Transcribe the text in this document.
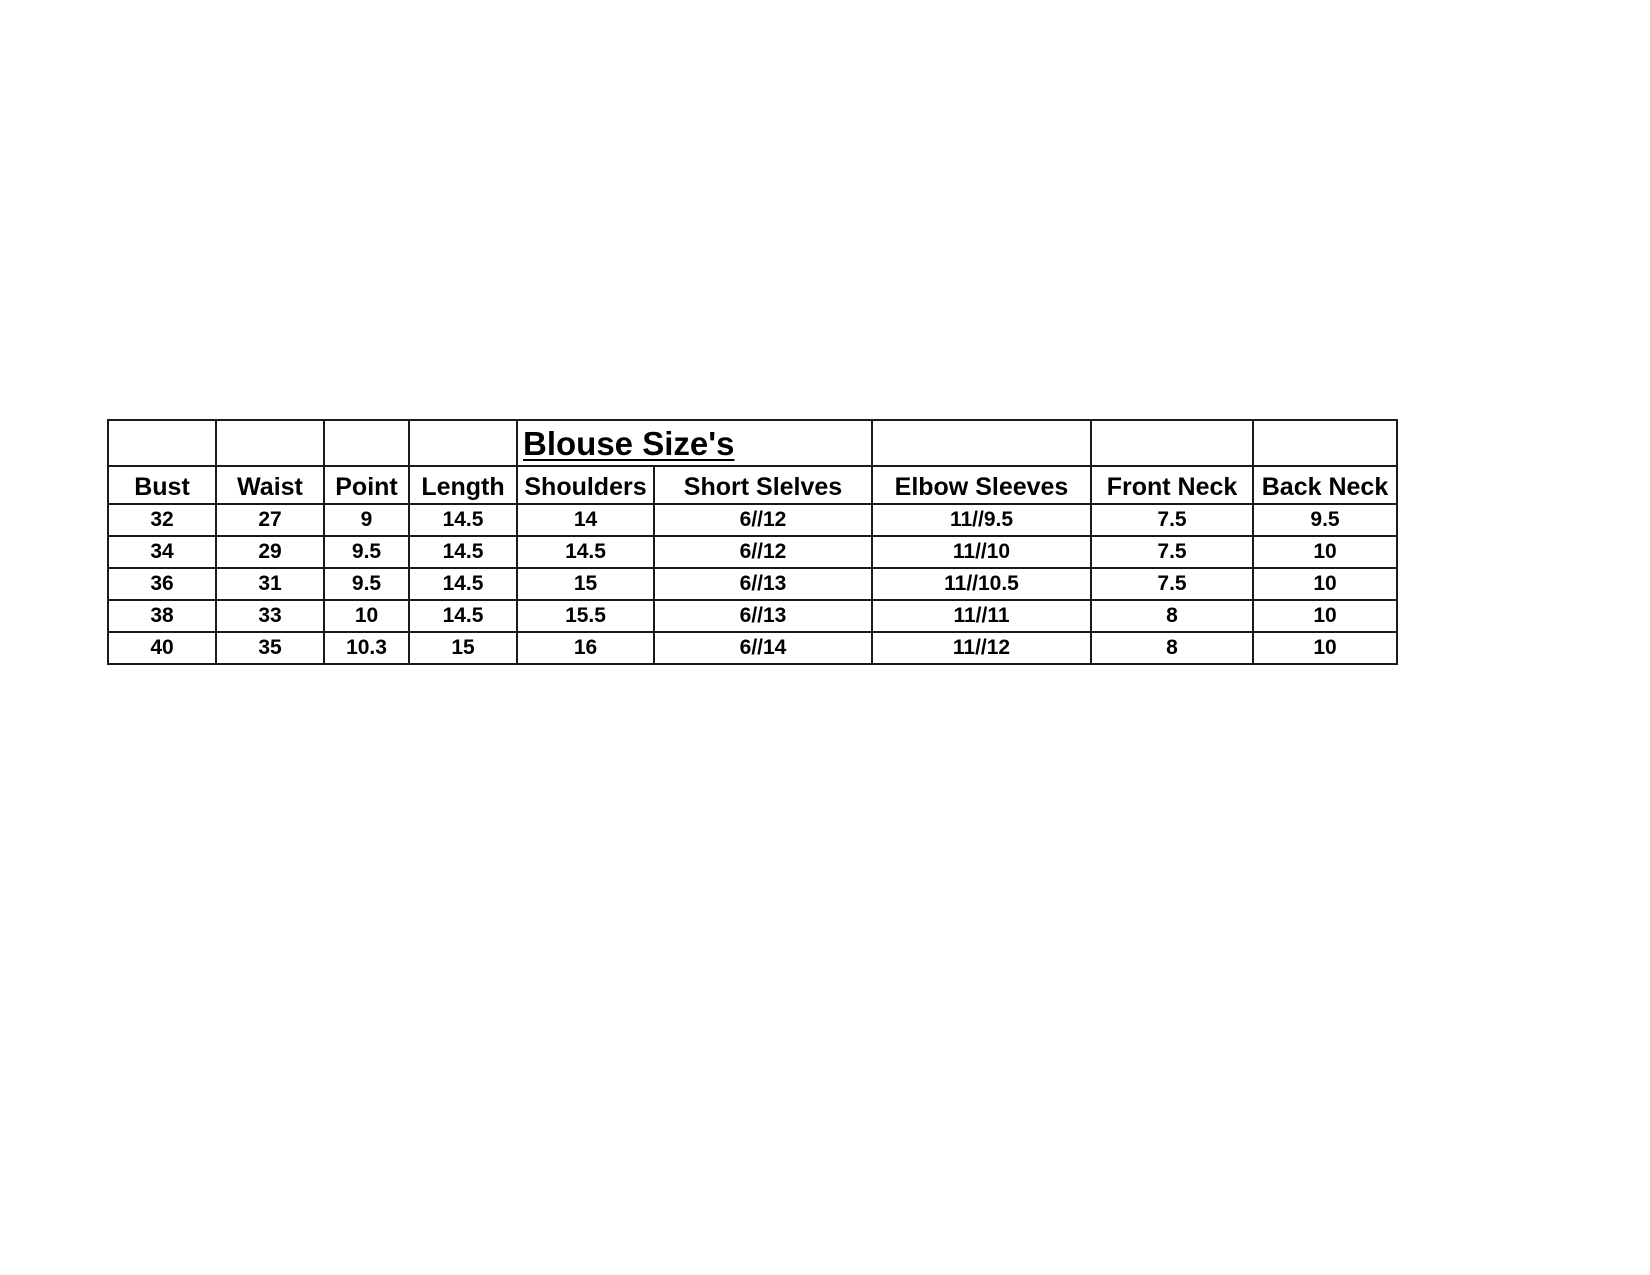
				Blouse Size's				

Bust	Waist	Point	Length	Shoulders	Short Slelves	Elbow Sleeves	Front Neck	Back Neck
32	27	9	14.5	14	6//12	11//9.5	7.5	9.5
34	29	9.5	14.5	14.5	6//12	11//10	7.5	10
36	31	9.5	14.5	15	6//13	11//10.5	7.5	10
38	33	10	14.5	15.5	6//13	11//11	8	10
40	35	10.3	15	16	6//14	11//12	8	10
